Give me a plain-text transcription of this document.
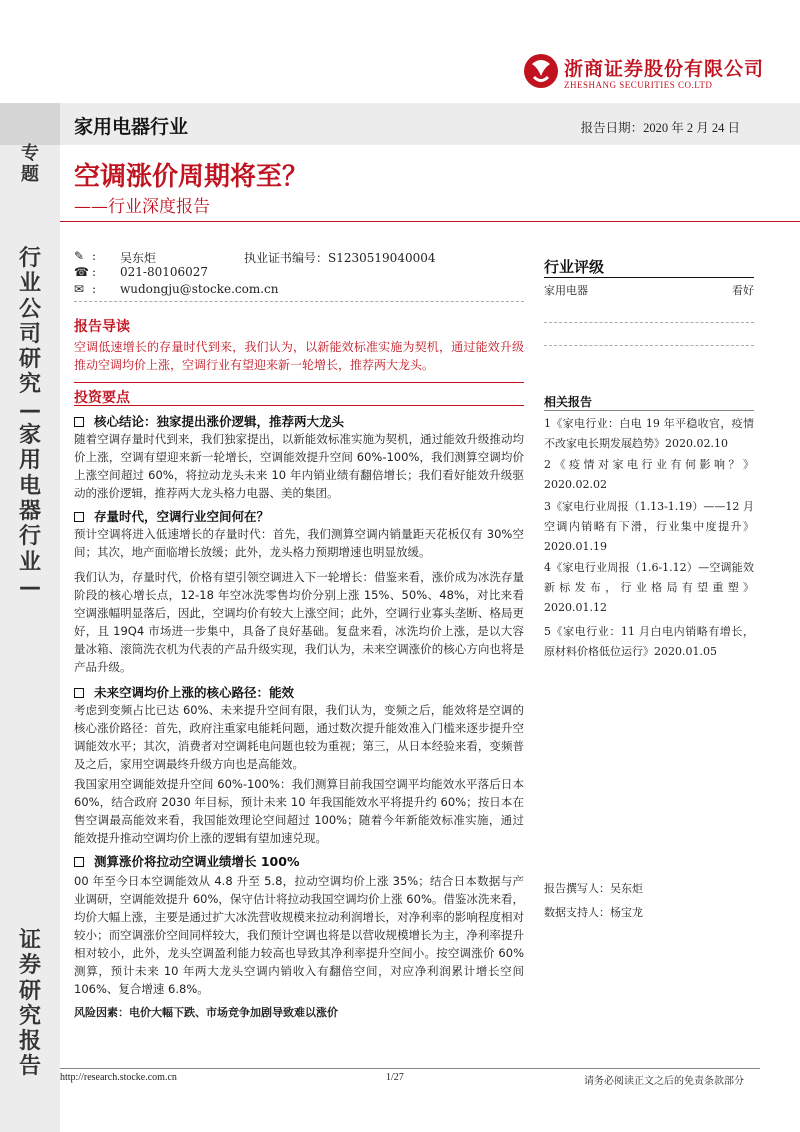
浙商证券股份有限公司
ZHESHANG SECURITIES CO.LTD
专题
行业公司研究—家用电器行业—
证券研究报告
家用电器行业	报告日期：2020 年 2 月 24 日
空调涨价周期将至？
——行业深度报告
✎ : 吴东炬	执业证书编号：S1230519040004
☎ : 021-80106027
✉ : wudongju@stocke.com.cn
报告导读
空调低速增长的存量时代到来，我们认为，以新能效标准实施为契机，通过能效升级推动空调均价上涨，空调行业有望迎来新一轮增长，推荐两大龙头。
投资要点
核心结论：独家提出涨价逻辑，推荐两大龙头
随着空调存量时代到来，我们独家提出，以新能效标准实施为契机，通过能效升级推动均价上涨，空调有望迎来新一轮增长，空调能效提升空间 60%-100%，我们测算空调均价上涨空间超过 60%，将拉动龙头未来 10 年内销业绩有翻倍增长；我们看好能效升级驱动的涨价逻辑，推荐两大龙头格力电器、美的集团。
存量时代，空调行业空间何在？
预计空调将进入低速增长的存量时代：首先，我们测算空调内销量距天花板仅有 30%空间；其次，地产面临增长放缓；此外，龙头格力预期增速也明显放缓。
我们认为，存量时代，价格有望引领空调进入下一轮增长：借鉴来看，涨价成为冰洗存量阶段的核心增长点，12-18 年空冰洗零售均价分别上涨 15%、50%、48%，对比来看空调涨幅明显落后，因此，空调均价有较大上涨空间；此外，空调行业寡头垄断、格局更好，且 19Q4 市场进一步集中，具备了良好基础。复盘来看，冰洗均价上涨，是以大容量冰箱、滚筒洗衣机为代表的产品升级实现，我们认为，未来空调涨价的核心方向也将是产品升级。
未来空调均价上涨的核心路径：能效
考虑到变频占比已达 60%、未来提升空间有限，我们认为，变频之后，能效将是空调的核心涨价路径：首先，政府注重家电能耗问题，通过数次提升能效准入门槛来逐步提升空调能效水平；其次，消费者对空调耗电问题也较为重视；第三，从日本经验来看，变频普及之后，家用空调最终升级方向也是高能效。
我国家用空调能效提升空间 60%-100%：我们测算目前我国空调平均能效水平落后日本 60%，结合政府 2030 年目标，预计未来 10 年我国能效水平将提升约 60%；按日本在售空调最高能效来看，我国能效理论空间超过 100%；随着今年新能效标准实施，通过能效提升推动空调均价上涨的逻辑有望加速兑现。
测算涨价将拉动空调业绩增长 100%
00 年至今日本空调能效从 4.8 升至 5.8，拉动空调均价上涨 35%；结合日本数据与产业调研，空调能效提升 60%，保守估计将拉动我国空调均价上涨 60%。借鉴冰洗来看，均价大幅上涨，主要是通过扩大冰洗营收规模来拉动利润增长，对净利率的影响程度相对较小；而空调涨价空间同样较大，我们预计空调也将是以营收规模增长为主，净利率提升相对较小，此外，龙头空调盈利能力较高也导致其净利率提升空间小。按空调涨价 60%测算，预计未来 10 年两大龙头空调内销收入有翻倍空间，对应净利润累计增长空间 106%、复合增速 6.8%。
风险因素：电价大幅下跌、市场竞争加剧导致难以涨价
行业评级
家用电器	看好
相关报告
1《家电行业：白电 19 年平稳收官，疫情不改家电长期发展趋势》2020.02.10
2《疫情对家电行业有何影响？》2020.02.02
3《家电行业周报（1.13-1.19）——12 月空调内销略有下滑，行业集中度提升》2020.01.19
4《家电行业周报（1.6-1.12）—空调能效新标发布，行业格局有望重塑》2020.01.12
5《家电行业：11 月白电内销略有增长，原材料价格低位运行》2020.01.05
报告撰写人：吴东炬
数据支持人：杨宝龙
http://research.stocke.com.cn	1/27	请务必阅读正文之后的免责条款部分
